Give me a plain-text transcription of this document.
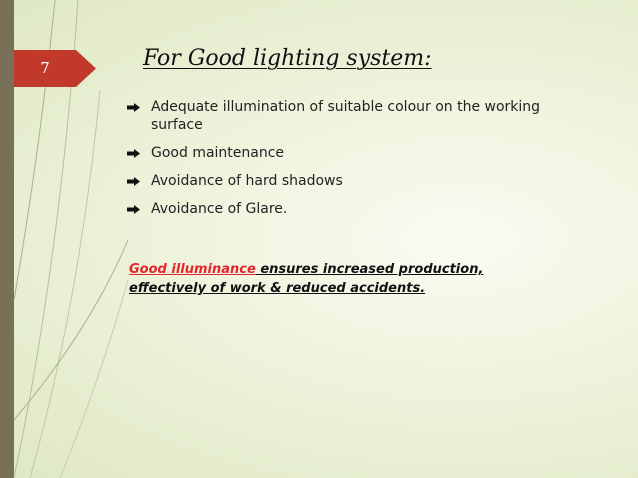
7	For Good lighting system:
Adequate illumination of suitable colour on the working surface
Good maintenance
Avoidance of hard shadows
Avoidance of Glare.
Good illuminance ensures increased production, effectively of work & reduced accidents.
